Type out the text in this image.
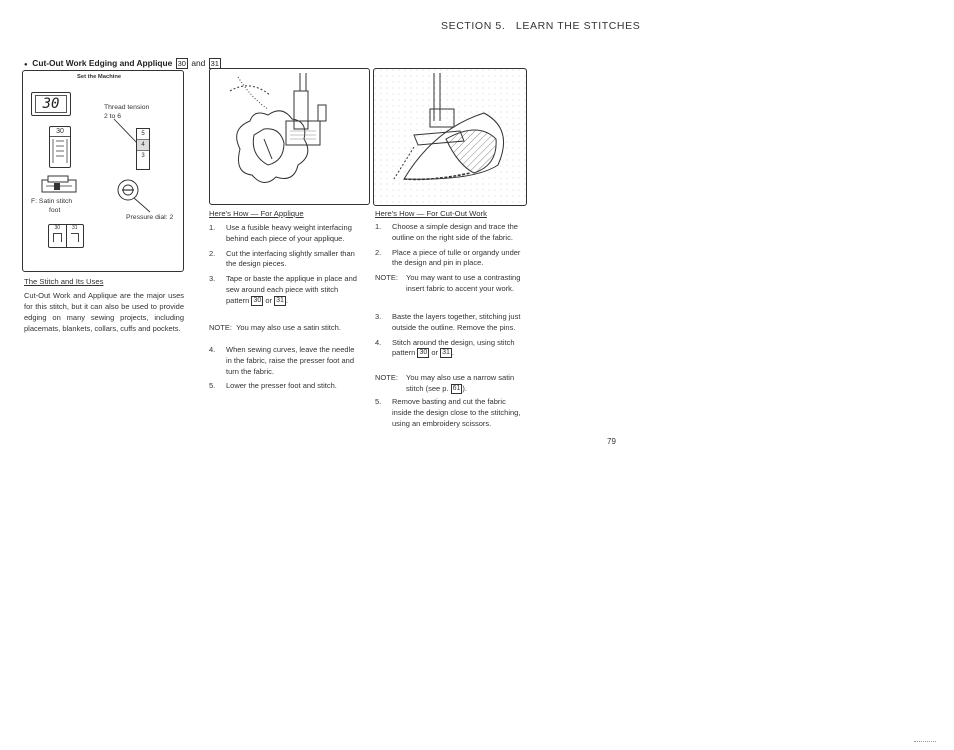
SECTION 5. LEARN THE STITCHES
● Cut-Out Work Edging and Applique 30 and 31
Set the Machine
30
30
Thread tension
2 to 6
5
4
3
F: Satin stitch
foot
Pressure dial: 2
30	31
The Stitch and Its Uses
Cut-Out Work and Applique are the major uses for this stitch, but it can also be used to provide edging on many sewing projects, including placemats, blankets, collars, cuffs and pockets.
Here's How — For Applique
1. Use a fusible heavy weight interfacing behind each piece of your applique.
2. Cut the interfacing slightly smaller than the design pieces.
3. Tape or baste the applique in place and sew around each piece with stitch pattern 30 or 31 .
NOTE: You may also use a satin stitch.
4. When sewing curves, leave the needle in the fabric, raise the presser foot and turn the fabric.
5. Lower the presser foot and stitch.
Here's How — For Cut-Out Work
1. Choose a simple design and trace the outline on the right side of the fabric.
2. Place a piece of tulle or organdy under the design and pin in place.
NOTE:	You may want to use a contrasting insert fabric to accent your work.
3. Baste the layers together, stitching just outside the outline. Remove the pins.
4. Stitch around the design, using stitch pattern 30 or 31 .
NOTE:	You may also use a narrow satin stitch (see p. 61 ).
5. Remove basting and cut the fabric inside the design close to the stitching, using an embroidery scissors.
79
